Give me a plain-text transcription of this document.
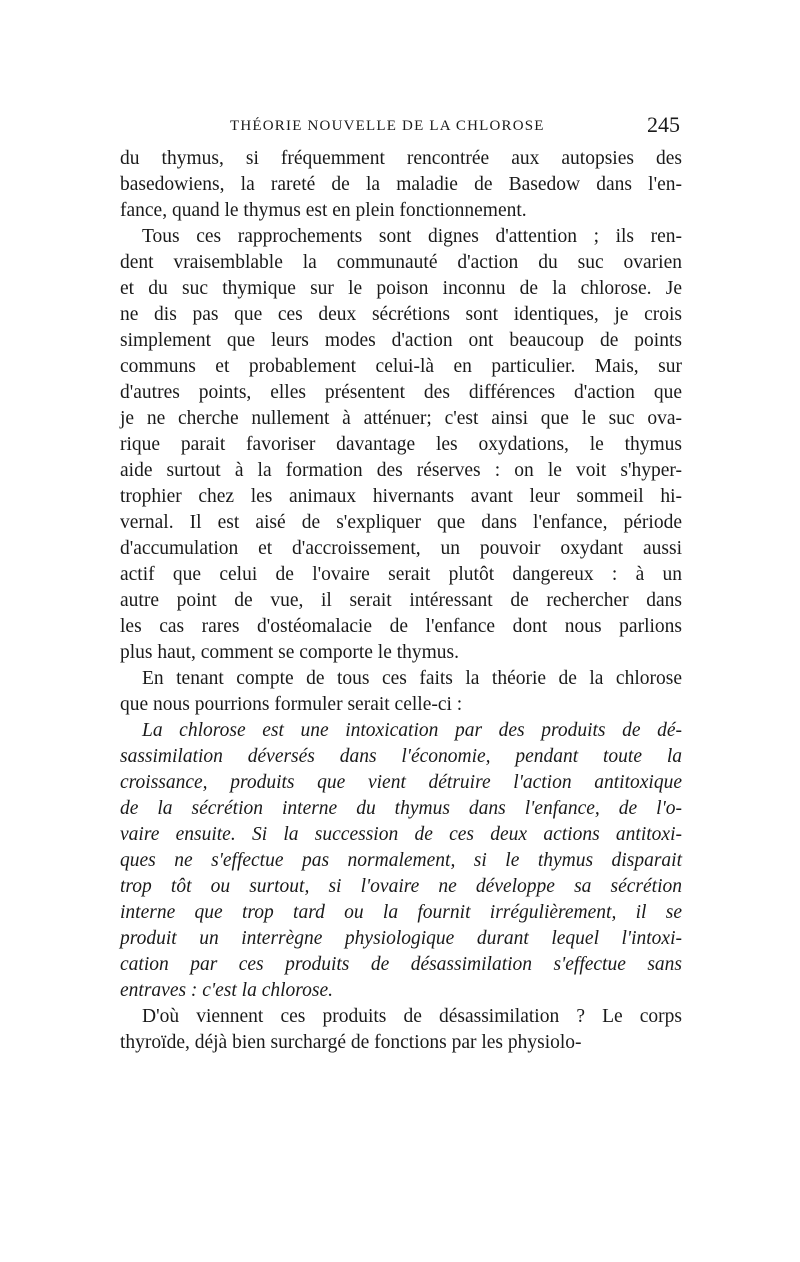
THÉORIE NOUVELLE DE LA CHLOROSE	245
du thymus, si fréquemment rencontrée aux autopsies des
basedowiens, la rareté de la maladie de Basedow dans l'en-
fance, quand le thymus est en plein fonctionnement.
Tous ces rapprochements sont dignes d'attention ; ils ren-
dent vraisemblable la communauté d'action du suc ovarien
et du suc thymique sur le poison inconnu de la chlorose. Je
ne dis pas que ces deux sécrétions sont identiques, je crois
simplement que leurs modes d'action ont beaucoup de points
communs et probablement celui-là en particulier. Mais, sur
d'autres points, elles présentent des différences d'action que
je ne cherche nullement à atténuer; c'est ainsi que le suc ova-
rique parait favoriser davantage les oxydations, le thymus
aide surtout à la formation des réserves : on le voit s'hyper-
trophier chez les animaux hivernants avant leur sommeil hi-
vernal. Il est aisé de s'expliquer que dans l'enfance, période
d'accumulation et d'accroissement, un pouvoir oxydant aussi
actif que celui de l'ovaire serait plutôt dangereux : à un
autre point de vue, il serait intéressant de rechercher dans
les cas rares d'ostéomalacie de l'enfance dont nous parlions
plus haut, comment se comporte le thymus.
En tenant compte de tous ces faits la théorie de la chlorose
que nous pourrions formuler serait celle-ci :
La chlorose est une intoxication par des produits de dé-
sassimilation déversés dans l'économie, pendant toute la
croissance, produits que vient détruire l'action antitoxique
de la sécrétion interne du thymus dans l'enfance, de l'o-
vaire ensuite. Si la succession de ces deux actions antitoxi-
ques ne s'effectue pas normalement, si le thymus disparait
trop tôt ou surtout, si l'ovaire ne développe sa sécrétion
interne que trop tard ou la fournit irrégulièrement, il se
produit un interrègne physiologique durant lequel l'intoxi-
cation par ces produits de désassimilation s'effectue sans
entraves : c'est la chlorose.
D'où viennent ces produits de désassimilation ? Le corps
thyroïde, déjà bien surchargé de fonctions par les physiolo-
